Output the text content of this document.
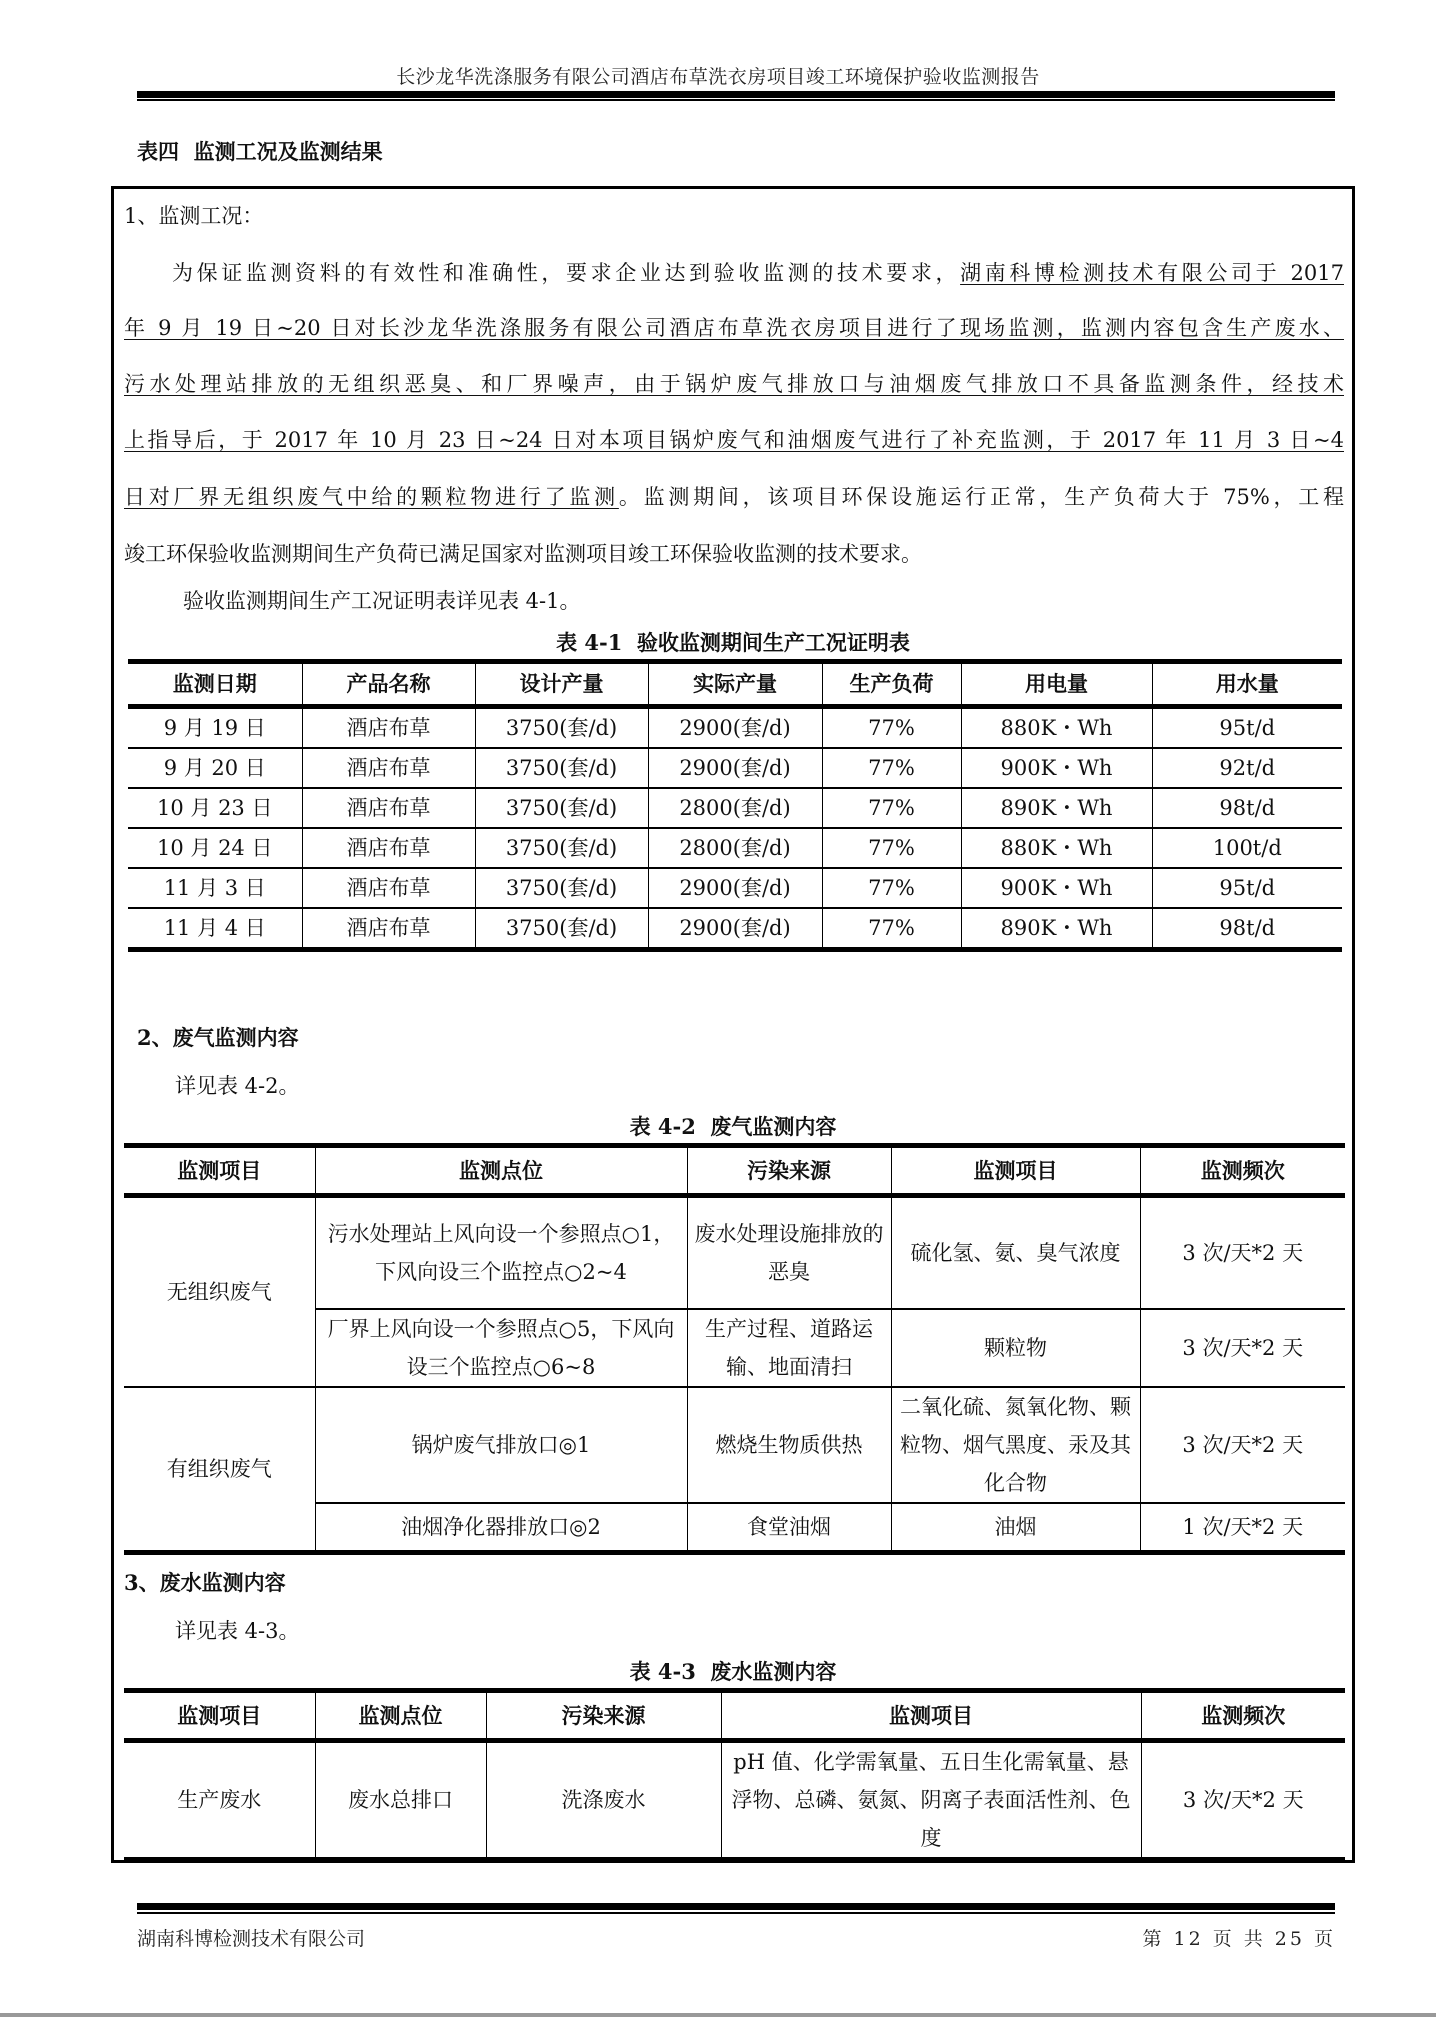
长沙龙华洗涤服务有限公司酒店布草洗衣房项目竣工环境保护验收监测报告
表四  监测工况及监测结果
1、监测工况：
为保证监测资料的有效性和准确性，要求企业达到验收监测的技术要求，湖南科博检测技术有限公司于 2017
年 9 月 19 日~20 日对长沙龙华洗涤服务有限公司酒店布草洗衣房项目进行了现场监测，监测内容包含生产废水、
污水处理站排放的无组织恶臭、和厂界噪声，由于锅炉废气排放口与油烟废气排放口不具备监测条件，经技术
上指导后，于 2017 年 10 月 23 日~24 日对本项目锅炉废气和油烟废气进行了补充监测，于 2017 年 11 月 3 日~4
日对厂界无组织废气中给的颗粒物进行了监测。监测期间，该项目环保设施运行正常，生产负荷大于 75%，工程
竣工环保验收监测期间生产负荷已满足国家对监测项目竣工环保验收监测的技术要求。
验收监测期间生产工况证明表详见表 4-1。
表 4-1  验收监测期间生产工况证明表
监测日期	产品名称	设计产量	实际产量	生产负荷	用电量	用水量
9 月 19 日	酒店布草	3750(套/d)	2900(套/d)	77%	880K・Wh	95t/d
9 月 20 日	酒店布草	3750(套/d)	2900(套/d)	77%	900K・Wh	92t/d
10 月 23 日	酒店布草	3750(套/d)	2800(套/d)	77%	890K・Wh	98t/d
10 月 24 日	酒店布草	3750(套/d)	2800(套/d)	77%	880K・Wh	100t/d
11 月 3 日	酒店布草	3750(套/d)	2900(套/d)	77%	900K・Wh	95t/d
11 月 4 日	酒店布草	3750(套/d)	2900(套/d)	77%	890K・Wh	98t/d
2、废气监测内容
详见表 4-2。
表 4-2  废气监测内容
监测项目	监测点位	污染来源	监测项目	监测频次
无组织废气	污水处理站上风向设一个参照点○1，下风向设三个监控点○2~4	废水处理设施排放的恶臭	硫化氢、氨、臭气浓度	3 次/天*2 天
	厂界上风向设一个参照点○5，下风向设三个监控点○6~8	生产过程、道路运输、地面清扫	颗粒物	3 次/天*2 天
有组织废气	锅炉废气排放口◎1	燃烧生物质供热	二氧化硫、氮氧化物、颗粒物、烟气黑度、汞及其化合物	3 次/天*2 天
	油烟净化器排放口◎2	食堂油烟	油烟	1 次/天*2 天
3、废水监测内容
详见表 4-3。
表 4-3  废水监测内容
监测项目	监测点位	污染来源	监测项目	监测频次
生产废水	废水总排口	洗涤废水	pH 值、化学需氧量、五日生化需氧量、悬浮物、总磷、氨氮、阴离子表面活性剂、色度	3 次/天*2 天
湖南科博检测技术有限公司	第 12 页 共 25 页
